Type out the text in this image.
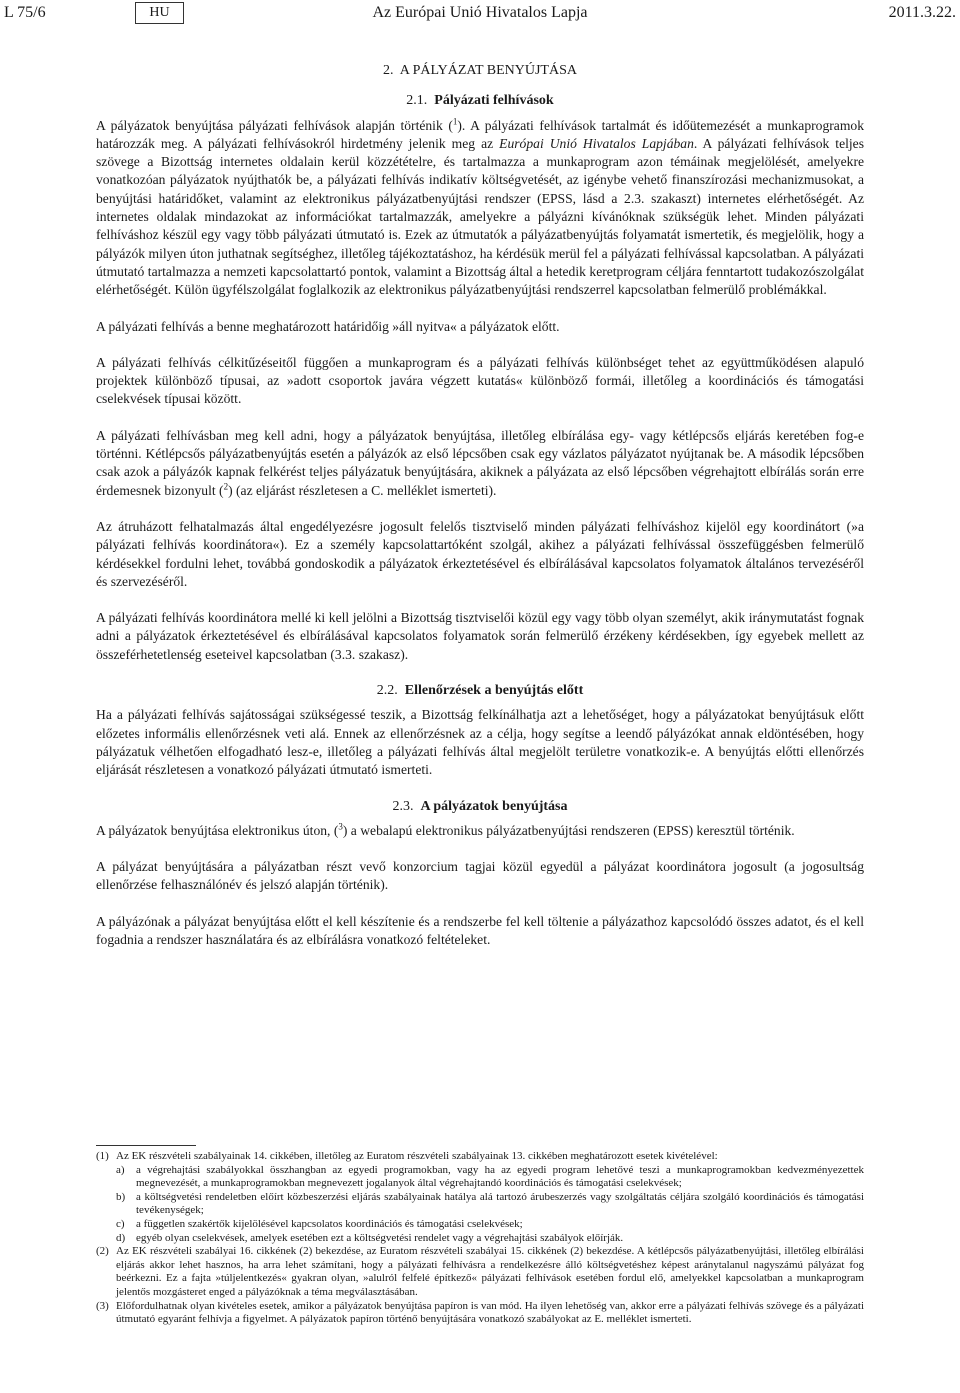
L 75/6	HU	Az Európai Unió Hivatalos Lapja	2011.3.22.
2. A PÁLYÁZAT BENYÚJTÁSA
2.1. Pályázati felhívások

A pályázatok benyújtása pályázati felhívások alapján történik ($^1$). A pályázati felhívások tartalmát és időütemezését a munkaprogramok határozzák meg. A pályázati felhívásokról hirdetmény jelenik meg az Európai Unió Hivatalos Lapjában. A pályázati felhívások teljes szövege a Bizottság internetes oldalain kerül közzétételre, és tartalmazza a munkaprogram azon témáinak megjelölését, amelyekre vonatkozóan pályázatok nyújthatók be, a pályázati felhívás indikatív költségvetését, az igénybe vehető finanszírozási mechanizmusokat, a benyújtási határidőket, valamint az elektronikus pályázatbenyújtási rendszer (EPSS, lásd a 2.3. szakaszt) internetes elérhetőségét. Az internetes oldalak mindazokat az információkat tartalmazzák, amelyekre a pályázni kívánóknak szükségük lehet. Minden pályázati felhíváshoz készül egy vagy több pályázati útmutató is. Ezek az útmutatók a pályázatbenyújtás folyamatát ismertetik, és megjelölik, hogy a pályázók milyen úton juthatnak segítséghez, illetőleg tájékoztatáshoz, ha kérdésük merül fel a pályázati felhívással kapcsolatban. A pályázati útmutató tartalmazza a nemzeti kapcsolattartó pontok, valamint a Bizottság által a hetedik keretprogram céljára fenntartott tudakozószolgálat elérhetőségét. Külön ügyfélszolgálat foglalkozik az elektronikus pályázatbenyújtási rendszerrel kapcsolatban felmerülő problémákkal.

A pályázati felhívás a benne meghatározott határidőig »áll nyitva« a pályázatok előtt.

A pályázati felhívás célkitűzéseitől függően a munkaprogram és a pályázati felhívás különbséget tehet az együttműködésen alapuló projektek különböző típusai, az »adott csoportok javára végzett kutatás« különböző formái, illetőleg a koordinációs és támogatási cselekvések típusai között.

A pályázati felhívásban meg kell adni, hogy a pályázatok benyújtása, illetőleg elbírálása egy- vagy kétlépcsős eljárás keretében fog-e történni. Kétlépcsős pályázatbenyújtás esetén a pályázók az első lépcsőben csak egy vázlatos pályázatot nyújtanak be. A második lépcsőben csak azok a pályázók kapnak felkérést teljes pályázatuk benyújtására, akiknek a pályázata az első lépcsőben végrehajtott elbírálás során erre érdemesnek bizonyult ($^2$) (az eljárást részletesen a C. melléklet ismerteti).

Az átruházott felhatalmazás által engedélyezésre jogosult felelős tisztviselő minden pályázati felhíváshoz kijelöl egy koordinátort (»a pályázati felhívás koordinátora«). Ez a személy kapcsolattartóként szolgál, akihez a pályázati felhívással összefüggésben felmerülő kérdésekkel fordulni lehet, továbbá gondoskodik a pályázatok érkeztetésével és elbírálásával kapcsolatos folyamatok általános tervezéséről és szervezéséről.

A pályázati felhívás koordinátora mellé ki kell jelölni a Bizottság tisztviselői közül egy vagy több olyan személyt, akik iránymutatást fognak adni a pályázatok érkeztetésével és elbírálásával kapcsolatos folyamatok során felmerülő érzékeny kérdésekben, így egyebek mellett az összeférhetetlenség eseteivel kapcsolatban (3.3. szakasz).

2.2. Ellenőrzések a benyújtás előtt

Ha a pályázati felhívás sajátosságai szükségessé teszik, a Bizottság felkínálhatja azt a lehetőséget, hogy a pályázatokat benyújtásuk előtt előzetes informális ellenőrzésnek veti alá. Ennek az ellenőrzésnek az a célja, hogy segítse a leendő pályázókat annak eldöntésében, hogy pályázatuk vélhetően elfogadható lesz-e, illetőleg a pályázati felhívás által megjelölt területre vonatkozik-e. A benyújtás előtti ellenőrzés eljárását részletesen a vonatkozó pályázati útmutató ismerteti.

2.3. A pályázatok benyújtása

A pályázatok benyújtása elektronikus úton, ($^3$) a webalapú elektronikus pályázatbenyújtási rendszeren (EPSS) keresztül történik.

A pályázat benyújtására a pályázatban részt vevő konzorcium tagjai közül egyedül a pályázat koordinátora jogosult (a jogosultság ellenőrzése felhasználónév és jelszó alapján történik).

A pályázónak a pályázat benyújtása előtt el kell készítenie és a rendszerbe fel kell töltenie a pályázathoz kapcsolódó összes adatot, és el kell fogadnia a rendszer használatára és az elbírálásra vonatkozó feltételeket.

(1) Az EK részvételi szabályainak 14. cikkében, illetőleg az Euratom részvételi szabályainak 13. cikkében meghatározott esetek kivételével:
a)	a végrehajtási szabályokkal összhangban az egyedi programokban, vagy ha az egyedi program lehetővé teszi a munkaprogramokban kedvezményezettek megnevezését, a munkaprogramokban megnevezett jogalanyok által végrehajtandó koordinációs és támogatási cselekvések;
b) a költségvetési rendeletben előírt közbeszerzési eljárás szabályainak hatálya alá tartozó árubeszerzés vagy szolgáltatás céljára szolgáló koordinációs és támogatási tevékenységek;
c)	a független szakértők kijelölésével kapcsolatos koordinációs és támogatási cselekvések;
d) egyéb olyan cselekvések, amelyek esetében ezt a költségvetési rendelet vagy a végrehajtási szabályok előírják.
(2) Az EK részvételi szabályai 16. cikkének (2) bekezdése, az Euratom részvételi szabályai 15. cikkének (2) bekezdése. A kétlépcsős pályázatbenyújtási, illetőleg elbírálási eljárás akkor lehet hasznos, ha arra lehet számítani, hogy a pályázati felhívásra a rendelkezésre álló költségvetéshez képest aránytalanul nagyszámú pályázat fog beérkezni. Ez a fajta »túljelentkezés« gyakran olyan, »alulról felfelé építkező« pályázati felhívások esetében fordul elő, amelyekkel kapcsolatban a munkaprogram jelentős mozgásteret enged a pályázóknak a téma megválasztásában.
(3) Előfordulhatnak olyan kivételes esetek, amikor a pályázatok benyújtása papíron is van mód. Ha ilyen lehetőség van, akkor erre a pályázati felhívás szövege és a pályázati útmutató egyaránt felhívja a figyelmet. A pályázatok papíron történő benyújtására vonatkozó szabályokat az E. melléklet ismerteti.
